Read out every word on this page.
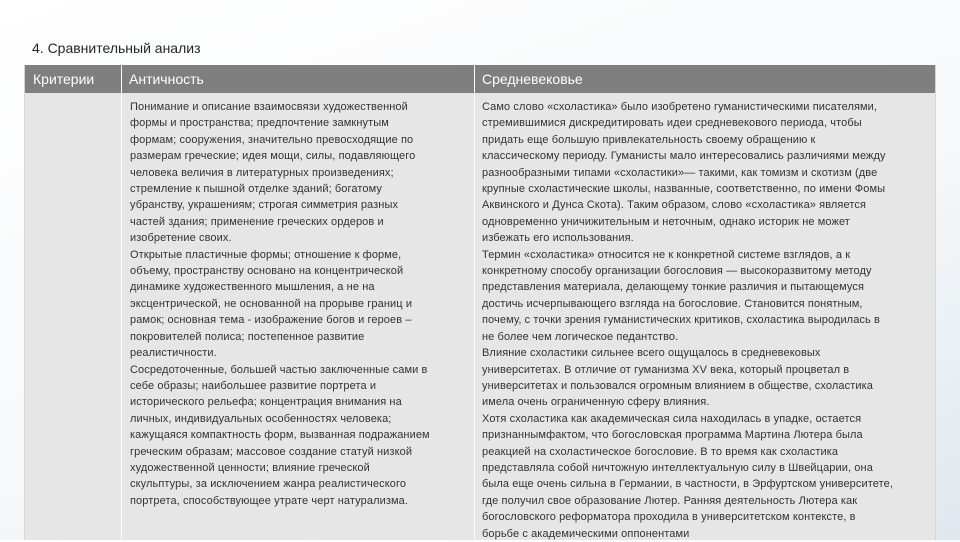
4. Сравнительный анализ
Критерии Античность	Средневековье
Понимание и описание взаимосвязи художественной
формы и пространства; предпочтение замкнутым
формам; сооружения, значительно превосходящие по
размерам греческие; идея мощи, силы, подавляющего
человека величия в литературных произведениях;
стремление к пышной отделке зданий; богатому
убранству, украшениям; строгая симметрия разных
частей здания; применение греческих ордеров и
изобретение своих.
Открытые пластичные формы; отношение к форме,
объему, пространству основано на концентрической
динамике художественного мышления, а не на
эксцентрической, не основанной на прорыве границ и
рамок; основная тема - изображение богов и героев –
покровителей полиса; постепенное развитие
реалистичности.
Сосредоточенные, большей частью заключенные сами в
себе образы; наибольшее развитие портрета и
исторического рельефа; концентрация внимания на
личных, индивидуальных особенностях человека;
кажущаяся компактность форм, вызванная подражанием
греческим образам; массовое создание статуй низкой
художественной ценности; влияние греческой
скульптуры, за исключением жанра реалистического
портрета, способствующее утрате черт натурализма.
Само слово «схоластика» было изобретено гуманистическими писателями,
стремившимися дискредитировать идеи средневекового периода, чтобы
придать еще большую привлекательность своему обращению к
классическому периоду. Гуманисты мало интересовались различиями между
разнообразными типами «схоластики»— такими, как томизм и скотизм (две
крупные схоластические школы, названные, соответственно, по имени Фомы
Аквинского и Дунса Скота). Таким образом, слово «схоластика» является
одновременно уничижительным и неточным, однако историк не может
избежать его использования.
Термин «схоластика» относится не к конкретной системе взглядов, а к
конкретному способу организации богословия — высокоразвитому методу
представления материала, делающему тонкие различия и пытающемуся
достичь исчерпывающего взгляда на богословие. Становится понятным,
почему, с точки зрения гуманистических критиков, схоластика выродилась в
не более чем логическое педантство.
Влияние схоластики сильнее всего ощущалось в средневековых
университетах. В отличие от гуманизма XV века, который процветал в
университетах и пользовался огромным влиянием в обществе, схоластика
имела очень ограниченную сферу влияния.
Хотя схоластика как академическая сила находилась в упадке, остается
признаннымфактом, что богословская программа Мартина Лютера была
реакцией на схоластическое богословие. В то время как схоластика
представляла собой ничтожную интеллектуальную силу в Швейцарии, она
была еще очень сильна в Германии, в частности, в Эрфуртском университете,
где получил свое образование Лютер. Ранняя деятельность Лютера как
богословского реформатора проходила в университетском контексте, в
борьбе с академическими оппонентами
